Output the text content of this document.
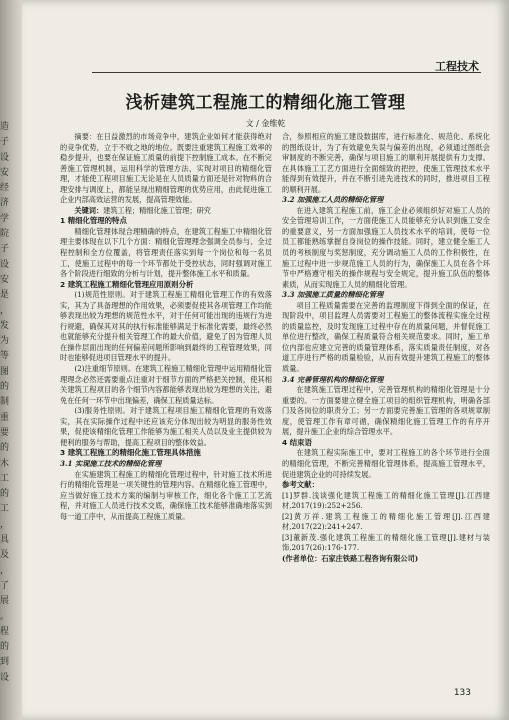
造
子
设
安
经
济
学
院
子
设
安
是
，
发
为
等
图
的
制
重
要
的
木
工
的
工
，
具
及
，
了
展
。
程
的
到
设
工程技术
浅析建筑工程施工的精细化施工管理
文 / 金维乾

摘要：在日益激烈的市场竞争中，建筑企业如何才能获得绝对的竞争优势，立于不败之地的地位。既要注重建筑工程施工效率的稳步提升，也要在保证施工质量的前提下控制施工成本。在不断完善施工管理机制，运用科学的管理方法，实现对项目的精细化管理，才能使工程项目施工无论是在人员质量方面还是针对物料的合理安排与调度上，都能呈现出精细管理的优势应用，由此促进施工企业内部高效运营的发展，提高管理效能。

关键词：建筑工程；精细化施工管理；研究

1 精细化管理的特点

精细化管理体现合理精确的特点，在建筑工程施工中精细化管理主要体现在以下几个方面：精细化管理理念强调全员参与、全过程控制和全方位覆盖，将管理责任落实到每一个岗位和每一名员工，使施工过程中的每一个环节都处于受控状态，同时强调对施工各个阶段进行细致的分析与计划，提升整体施工水平和质量。

2 建筑工程施工精细化管理应用原则分析

(1)规范性原则。对于建筑工程施工精细化管理工作的有效落实，其为了具备理想的作用效果，必须要促使其各项管理工作均能够表现出较为理想的规范性水平，对于任何可能出现的违规行为进行规避，确保其对其的执行标准能够满足于标准化需要，最终必然也就能够充分提升相关管理工作的最大价值，避免了因为管理人员在操作层面出现的任何偏差问题所影响到最终的工程管理效果，同时也能够促进项目管理水平的提升。

(2)注重细节原则。在建筑工程施工精细化管理中运用精细化管理理念必然还需要重点注重对于细节方面的严格把关控制，使其相关建筑工程项目的各个细节内容都能够表现出较为理想的关注，避免在任何一环节中出现偏差，确保工程质量达标。

(3)服务性原则。对于建筑工程项目施工精细化管理的有效落实，其在实际操作过程中还应该充分体现出较为明显的服务性效果，促使该精细化管理工作能够为施工相关人员以及业主提供较为便利的服务与帮助，提高工程项目的整体效益。

3 建筑工程施工的精细化施工管理具体措施
3.1 实现施工技术的精细化管理

在实施建筑工程施工的精细化管理过程中，针对施工技术所进行的精细化管理是一项关键性的管理内容。在精细化施工管理中，应当做好施工技术方案的编制与审核工作，细化各个施工工艺流程，并对施工人员进行技术交底，确保施工技术能够准确地落实到每一道工序中，从而提高工程施工质量。

合，参照相应的施工建设数据库，进行标准化、规范化、系统化的图纸设计，为了有效避免失误与偏差的出现，必须通过图纸会审制度的不断完善，确保与项目施工的顺利开展提供有力支撑。在具体施工工艺方面进行全面细致的把控，使施工管理技术水平能得到有效提升，并在不断引进先进技术的同时，推进项目工程的顺利开展。

3.2 加强施工人员的精细化管理

在进入建筑工程施工前，施工企业必须组织好对施工人员的安全管理培训工作，一方面使施工人员能够充分认识到施工安全的重要意义，另一方面加强施工人员技术水平的培训，使每一位员工都能熟练掌握自身岗位的操作技能。同时，建立健全施工人员的考核制度与奖惩制度，充分调动施工人员的工作积极性，在施工过程中进一步规范施工人员的行为，确保施工人员在各个环节中严格遵守相关的操作规程与安全规定，提升施工队伍的整体素质，从而实现施工人员的精细化管理。

3.3 加强施工质量的精细化管理

项目工程质量需要在完善的监理制度下得到全面的保证，在现阶段中，项目监理人员需要对工程施工的整体流程实施全过程的质量监控，及时发现施工过程中存在的质量问题，并督促施工单位进行整改，确保工程质量符合相关规范要求。同时，施工单位内部也应建立完善的质量管理体系，落实质量责任制度，对各道工序进行严格的质量检验，从而有效提升建筑工程施工的整体质量。

3.4 完善管理机构的精细化管理

在建筑施工管理过程中，完善管理机构的精细化管理是十分重要的。一方面要建立健全施工项目的组织管理机构，明确各部门及各岗位的职责分工；另一方面要完善施工管理的各项规章制度，使管理工作有章可循，确保精细化施工管理工作的有序开展，提升施工企业的综合管理水平。

4 结束语

在建筑工程实际施工中，要对工程施工的各个环节进行全面的精细化管理，不断完善精细化管理体系，提高施工管理水平，促进建筑企业的可持续发展。

参考文献：

[1]罗群.浅谈强化建筑工程施工的精细化施工管理[J].江西建材,2017(19):252+256.

[2]黄万祥.建筑工程施工的精细化施工管理[J].江西建材,2017(22):241+247.

[3]董新茂.强化建筑工程施工的精细化施工管理[J].建材与装饰,2017(26):176-177.

(作者单位：石家庄铁路工程咨询有限公司)

133
